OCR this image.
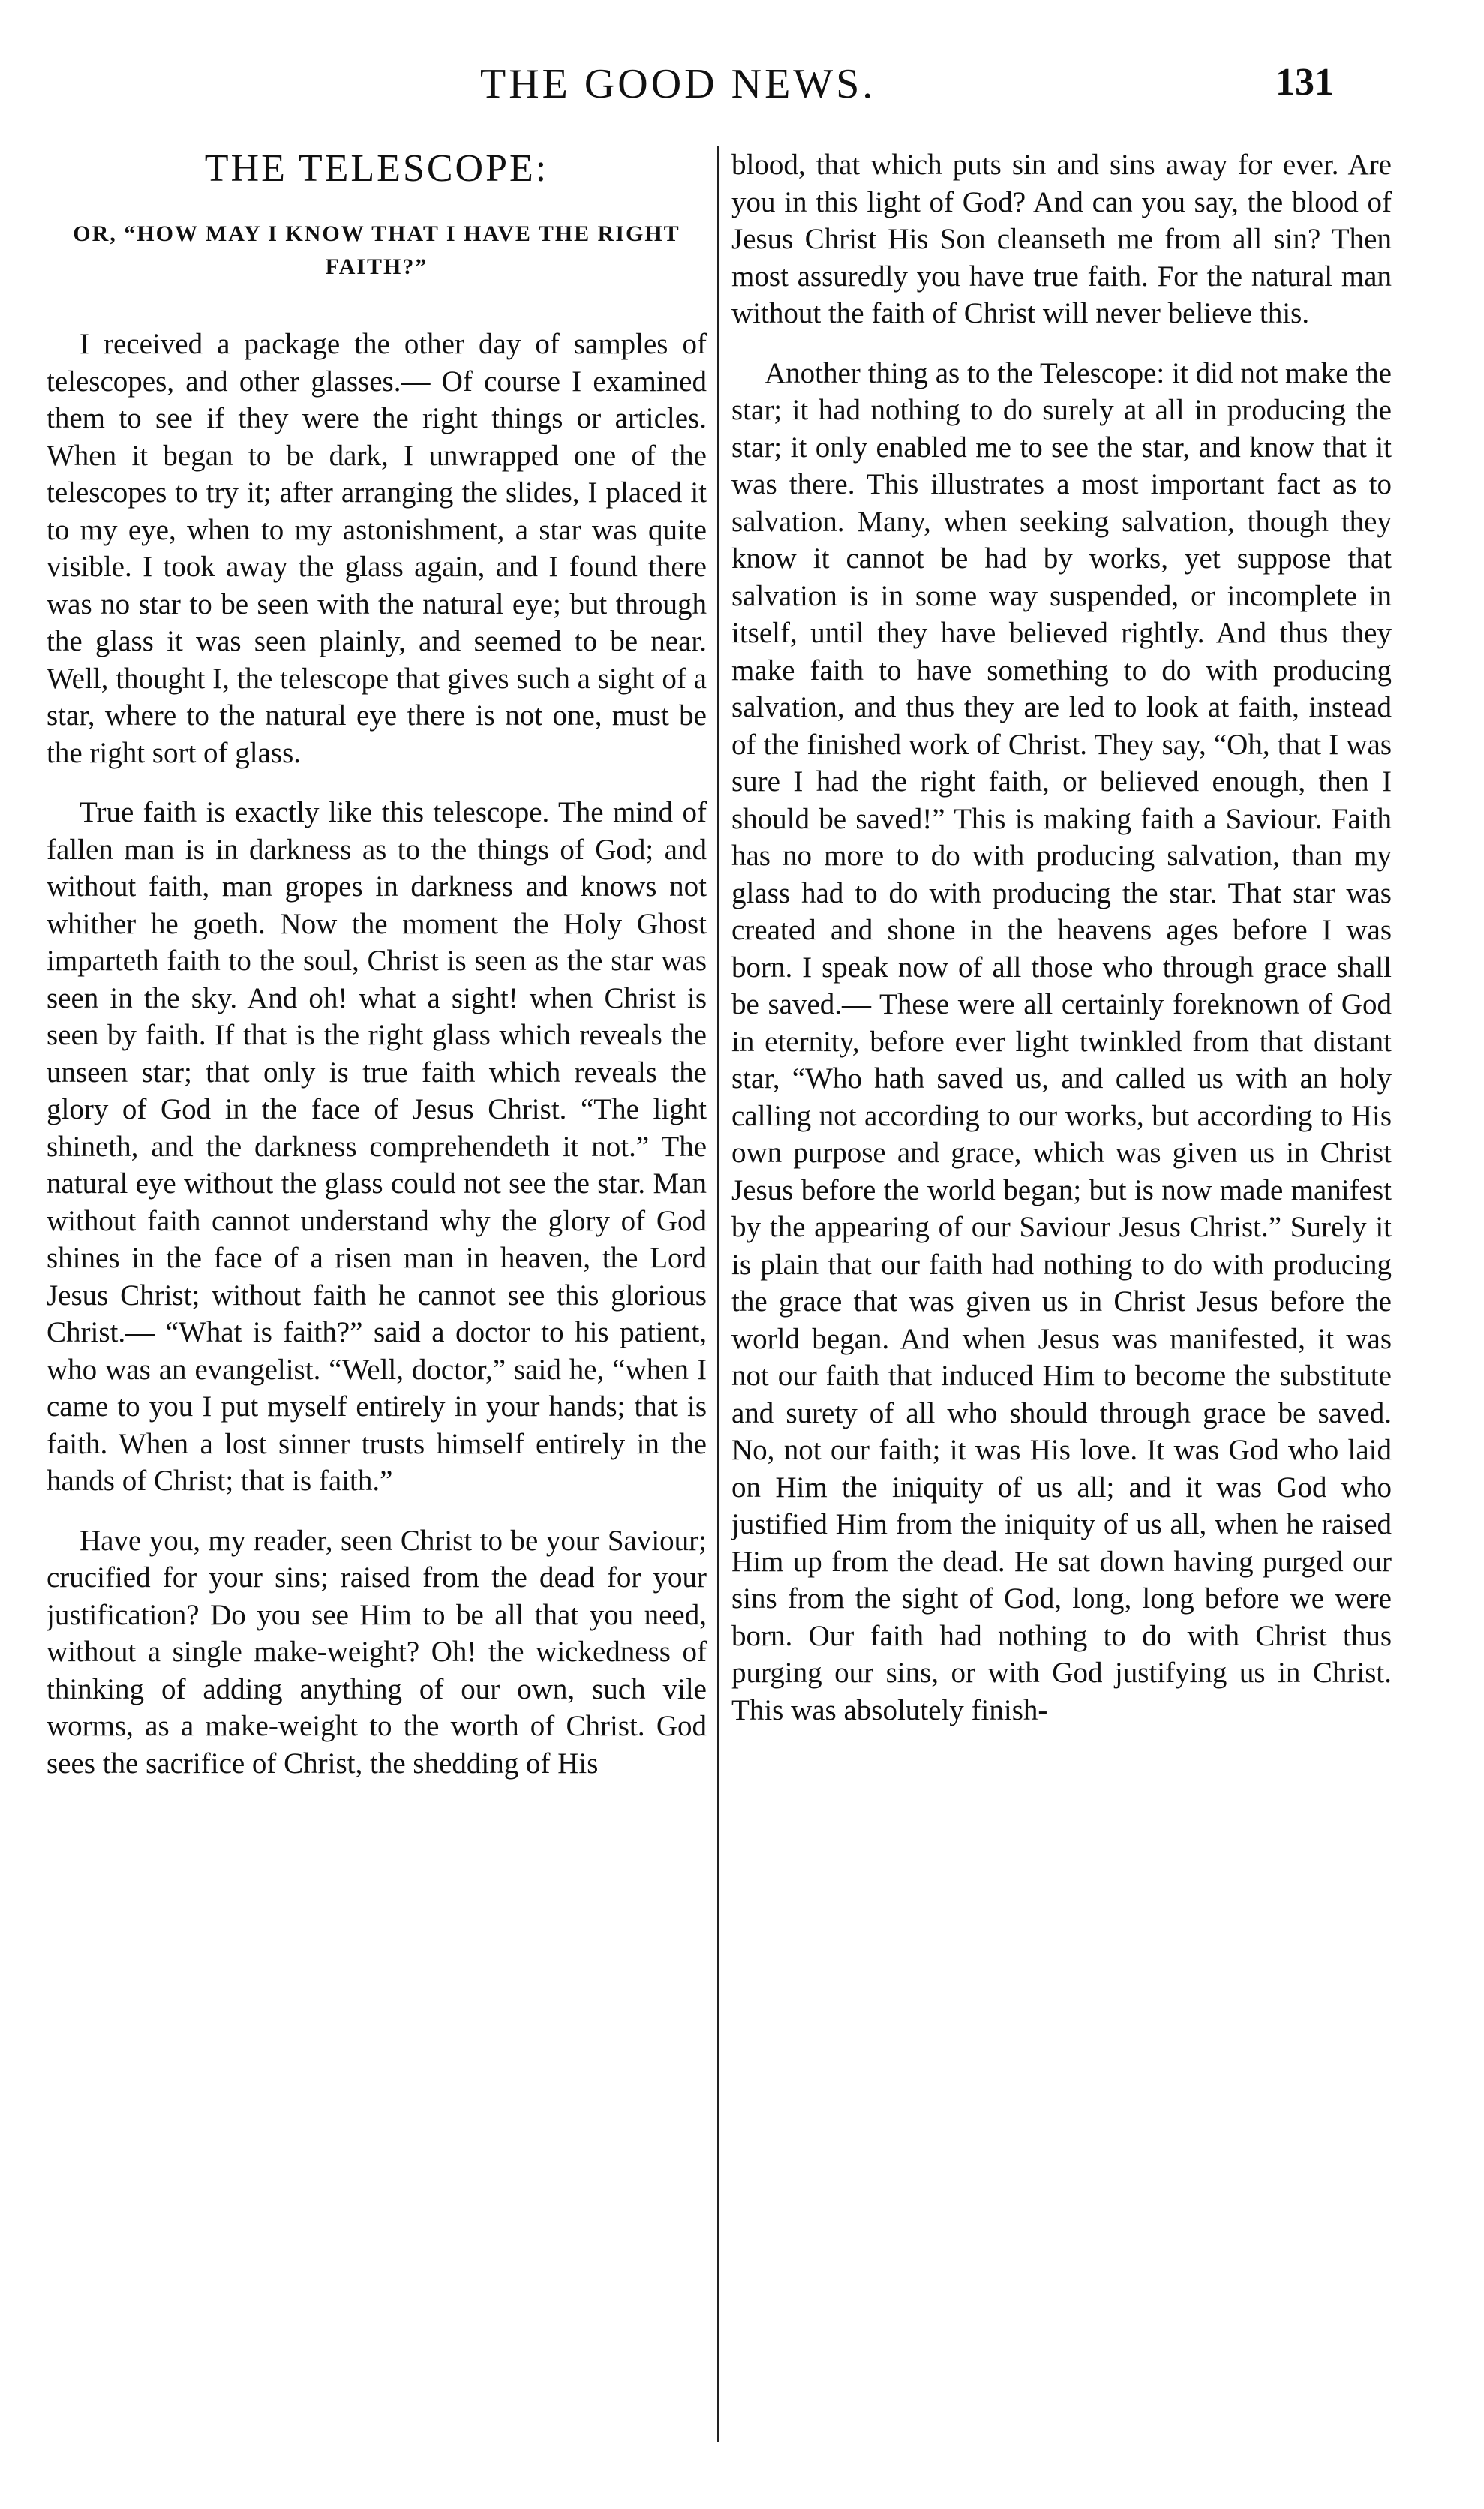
THE GOOD NEWS.	131
THE TELESCOPE:
OR, “HOW MAY I KNOW THAT I HAVE THE RIGHT FAITH?”

I received a package the other day of samples of telescopes, and other glasses.— Of course I examined them to see if they were the right things or articles. When it began to be dark, I unwrapped one of the telescopes to try it; after arranging the slides, I placed it to my eye, when to my astonishment, a star was quite visible. I took away the glass again, and I found there was no star to be seen with the natural eye; but through the glass it was seen plainly, and seemed to be near. Well, thought I, the telescope that gives such a sight of a star, where to the natural eye there is not one, must be the right sort of glass.

True faith is exactly like this telescope. The mind of fallen man is in darkness as to the things of God; and without faith, man gropes in darkness and knows not whither he goeth. Now the moment the Holy Ghost imparteth faith to the soul, Christ is seen as the star was seen in the sky. And oh! what a sight! when Christ is seen by faith. If that is the right glass which reveals the unseen star; that only is true faith which reveals the glory of God in the face of Jesus Christ. “The light shineth, and the darkness comprehendeth it not.” The natural eye without the glass could not see the star. Man without faith cannot understand why the glory of God shines in the face of a risen man in heaven, the Lord Jesus Christ; without faith he cannot see this glorious Christ.— “What is faith?” said a doctor to his patient, who was an evangelist. “Well, doctor,” said he, “when I came to you I put myself entirely in your hands; that is faith. When a lost sinner trusts himself entirely in the hands of Christ; that is faith.”

Have you, my reader, seen Christ to be your Saviour; crucified for your sins; raised from the dead for your justification? Do you see Him to be all that you need, without a single make-weight? Oh! the wickedness of thinking of adding anything of our own, such vile worms, as a make-weight to the worth of Christ. God sees the sacrifice of Christ, the shedding of His

blood, that which puts sin and sins away for ever. Are you in this light of God? And can you say, the blood of Jesus Christ His Son cleanseth me from all sin? Then most assuredly you have true faith. For the natural man without the faith of Christ will never believe this.

Another thing as to the Telescope: it did not make the star; it had nothing to do surely at all in producing the star; it only enabled me to see the star, and know that it was there. This illustrates a most important fact as to salvation. Many, when seeking salvation, though they know it cannot be had by works, yet suppose that salvation is in some way suspended, or incomplete in itself, until they have believed rightly. And thus they make faith to have something to do with producing salvation, and thus they are led to look at faith, instead of the finished work of Christ. They say, “Oh, that I was sure I had the right faith, or believed enough, then I should be saved!” This is making faith a Saviour. Faith has no more to do with producing salvation, than my glass had to do with producing the star. That star was created and shone in the heavens ages before I was born. I speak now of all those who through grace shall be saved.— These were all certainly foreknown of God in eternity, before ever light twinkled from that distant star, “Who hath saved us, and called us with an holy calling not according to our works, but according to His own purpose and grace, which was given us in Christ Jesus before the world began; but is now made manifest by the appearing of our Saviour Jesus Christ.” Surely it is plain that our faith had nothing to do with producing the grace that was given us in Christ Jesus before the world began. And when Jesus was manifested, it was not our faith that induced Him to become the substitute and surety of all who should through grace be saved. No, not our faith; it was His love. It was God who laid on Him the iniquity of us all; and it was God who justified Him from the iniquity of us all, when he raised Him up from the dead. He sat down having purged our sins from the sight of God, long, long before we were born. Our faith had nothing to do with Christ thus purging our sins, or with God justifying us in Christ. This was absolutely finish-
